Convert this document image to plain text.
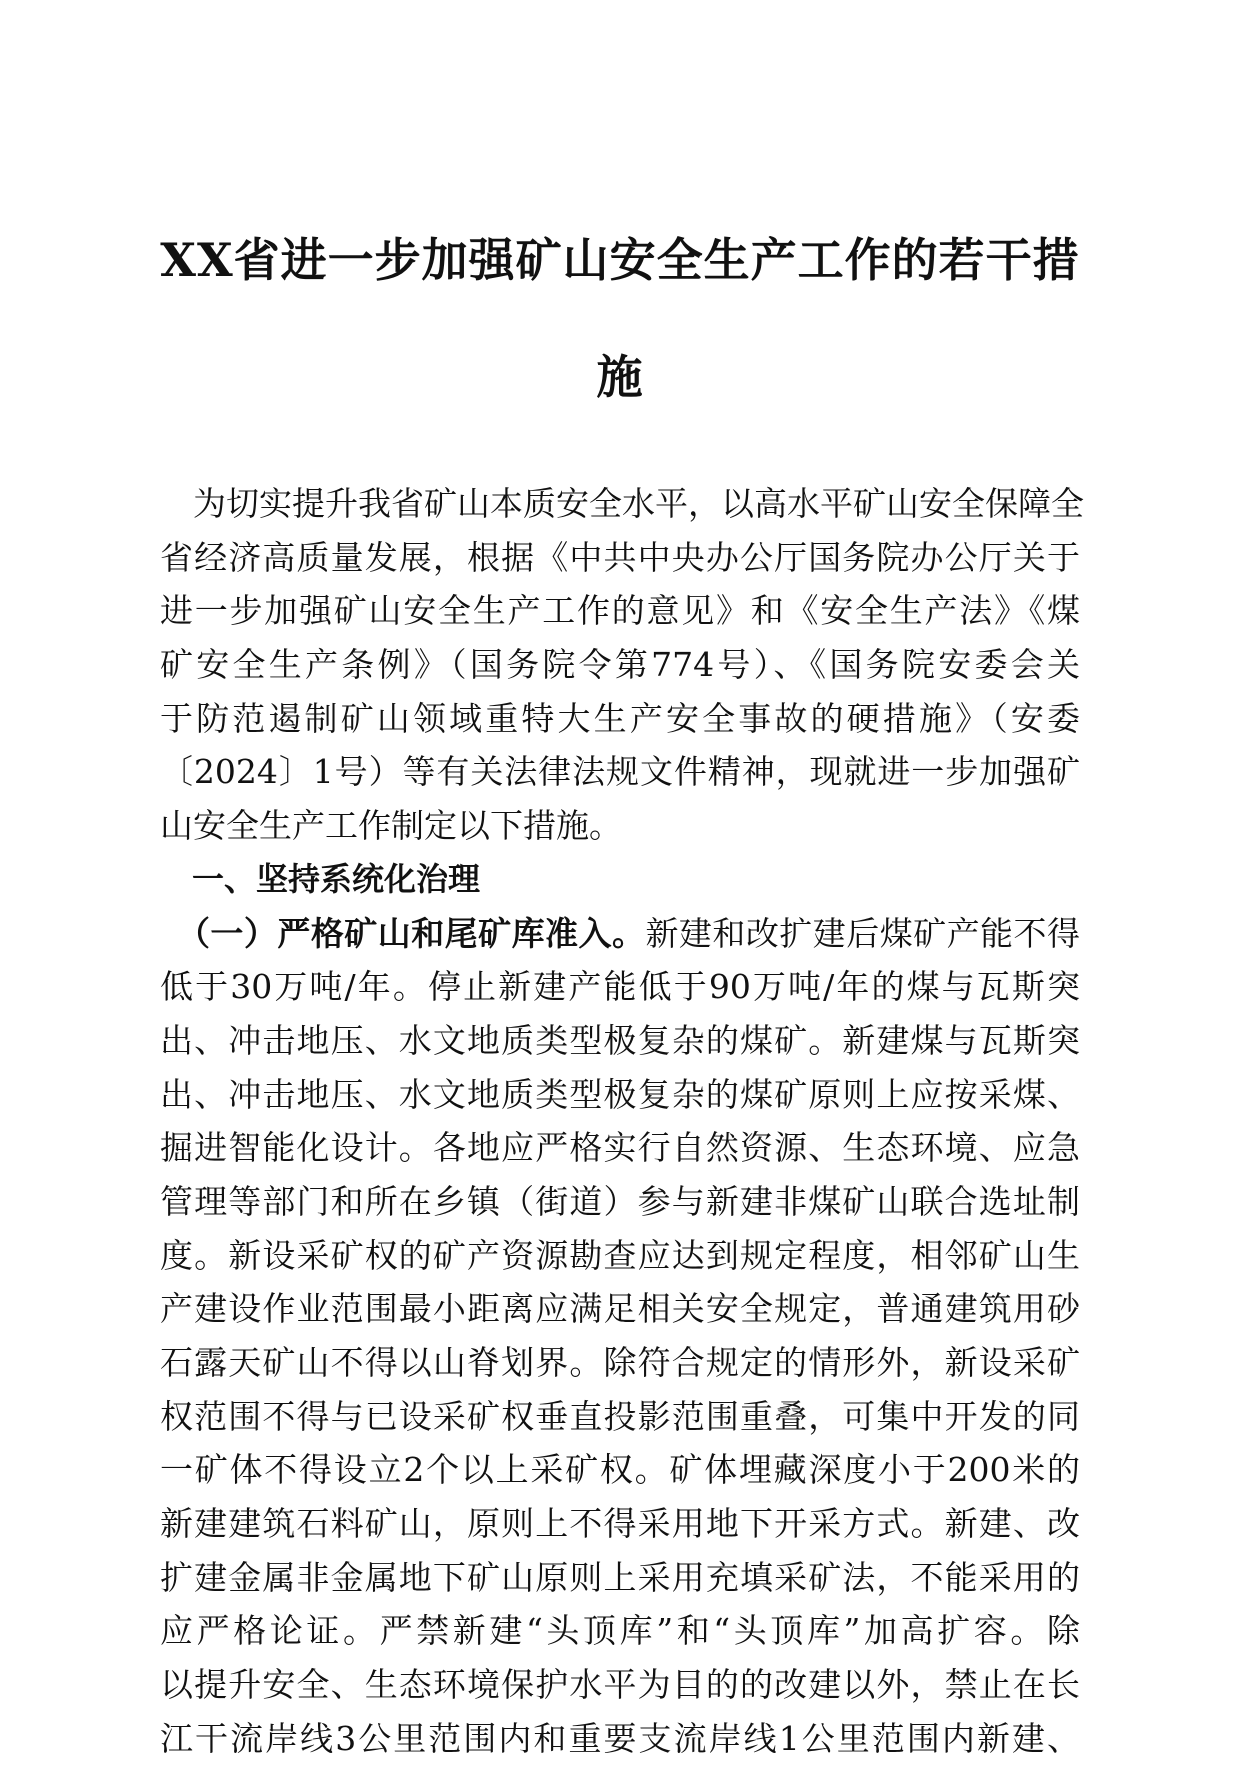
XX省进一步加强矿山安全生产工作的若干措
施
　为切实提升我省矿山本质安全水平，以高水平矿山安全保障全
省经济高质量发展，根据《中共中央办公厅国务院办公厅关于
进一步加强矿山安全生产工作的意见》和《安全生产法》《煤
矿安全生产条例》（国务院令第774号）、《国务院安委会关
于防范遏制矿山领域重特大生产安全事故的硬措施》（安委
〔2024〕1号）等有关法律法规文件精神，现就进一步加强矿
山安全生产工作制定以下措施。
　一、坚持系统化治理
　（一）严格矿山和尾矿库准入。新建和改扩建后煤矿产能不得
低于30万吨/年。停止新建产能低于90万吨/年的煤与瓦斯突
出、冲击地压、水文地质类型极复杂的煤矿。新建煤与瓦斯突
出、冲击地压、水文地质类型极复杂的煤矿原则上应按采煤、
掘进智能化设计。各地应严格实行自然资源、生态环境、应急
管理等部门和所在乡镇（街道）参与新建非煤矿山联合选址制
度。新设采矿权的矿产资源勘查应达到规定程度，相邻矿山生
产建设作业范围最小距离应满足相关安全规定，普通建筑用砂
石露天矿山不得以山脊划界。除符合规定的情形外，新设采矿
权范围不得与已设采矿权垂直投影范围重叠，可集中开发的同
一矿体不得设立2个以上采矿权。矿体埋藏深度小于200米的
新建建筑石料矿山，原则上不得采用地下开采方式。新建、改
扩建金属非金属地下矿山原则上采用充填采矿法，不能采用的
应严格论证。严禁新建“头顶库”和“头顶库”加高扩容。除
以提升安全、生态环境保护水平为目的的改建以外，禁止在长
江干流岸线3公里范围内和重要支流岸线1公里范围内新建、
